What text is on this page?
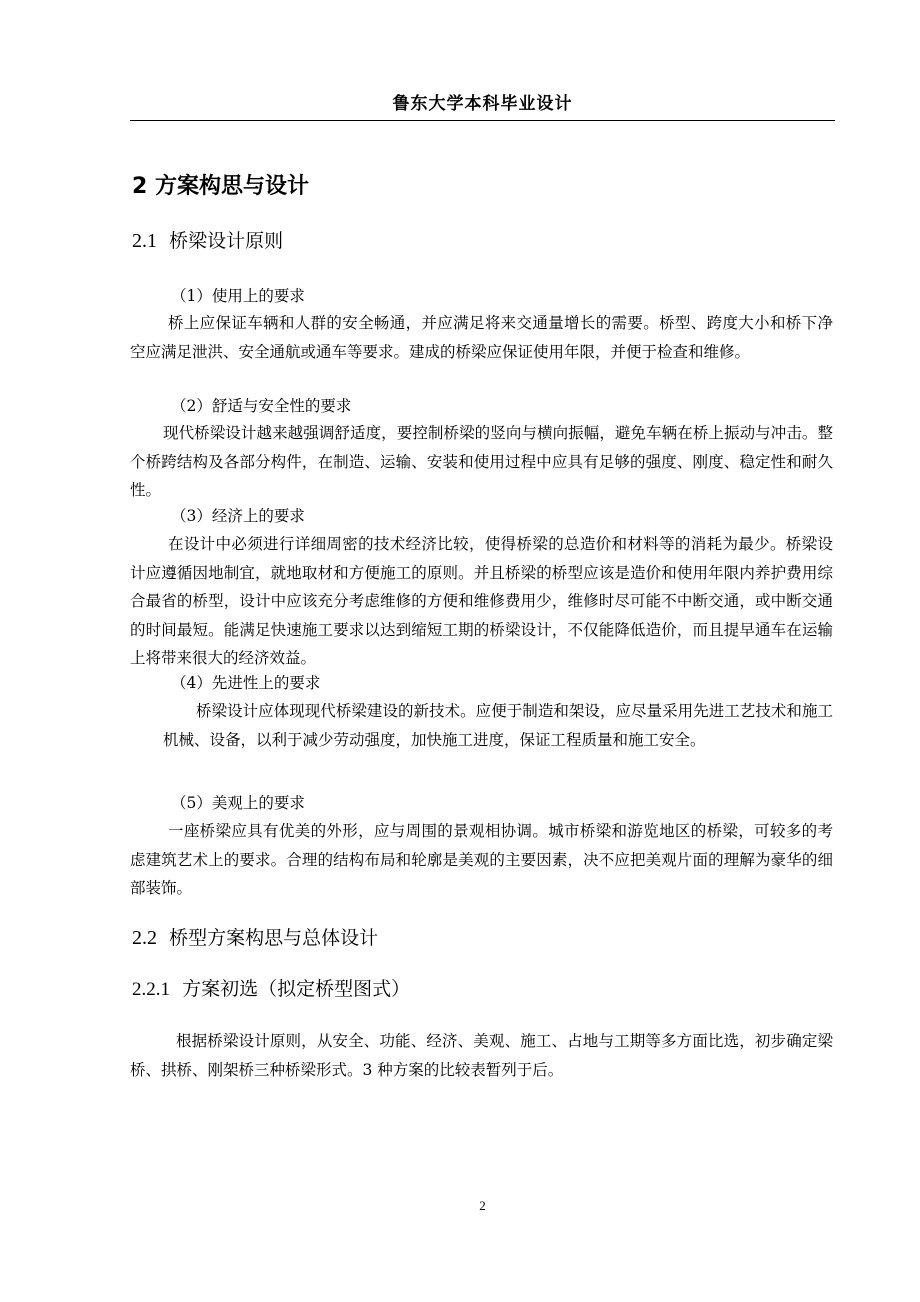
鲁东大学本科毕业设计
2 方案构思与设计
2.1 桥梁设计原则
（1）使用上的要求

桥上应保证车辆和人群的安全畅通，并应满足将来交通量增长的需要。桥型、跨度大小和桥下净空应满足泄洪、安全通航或通车等要求。建成的桥梁应保证使用年限，并便于检查和维修。

（2）舒适与安全性的要求

现代桥梁设计越来越强调舒适度，要控制桥梁的竖向与横向振幅，避免车辆在桥上振动与冲击。整个桥跨结构及各部分构件，在制造、运输、安装和使用过程中应具有足够的强度、刚度、稳定性和耐久性。

（3）经济上的要求

在设计中必须进行详细周密的技术经济比较，使得桥梁的总造价和材料等的消耗为最少。桥梁设计应遵循因地制宜，就地取材和方便施工的原则。并且桥梁的桥型应该是造价和使用年限内养护费用综合最省的桥型，设计中应该充分考虑维修的方便和维修费用少，维修时尽可能不中断交通，或中断交通的时间最短。能满足快速施工要求以达到缩短工期的桥梁设计，不仅能降低造价，而且提早通车在运输上将带来很大的经济效益。

（4）先进性上的要求

桥梁设计应体现现代桥梁建设的新技术。应便于制造和架设，应尽量采用先进工艺技术和施工机械、设备，以利于减少劳动强度，加快施工进度，保证工程质量和施工安全。

（5）美观上的要求

一座桥梁应具有优美的外形，应与周围的景观相协调。城市桥梁和游览地区的桥梁，可较多的考虑建筑艺术上的要求。合理的结构布局和轮廓是美观的主要因素，决不应把美观片面的理解为豪华的细部装饰。

2.2 桥型方案构思与总体设计
2.2.1 方案初选（拟定桥型图式）

根据桥梁设计原则，从安全、功能、经济、美观、施工、占地与工期等多方面比选，初步确定梁桥、拱桥、刚架桥三种桥梁形式。3 种方案的比较表暂列于后。

2
